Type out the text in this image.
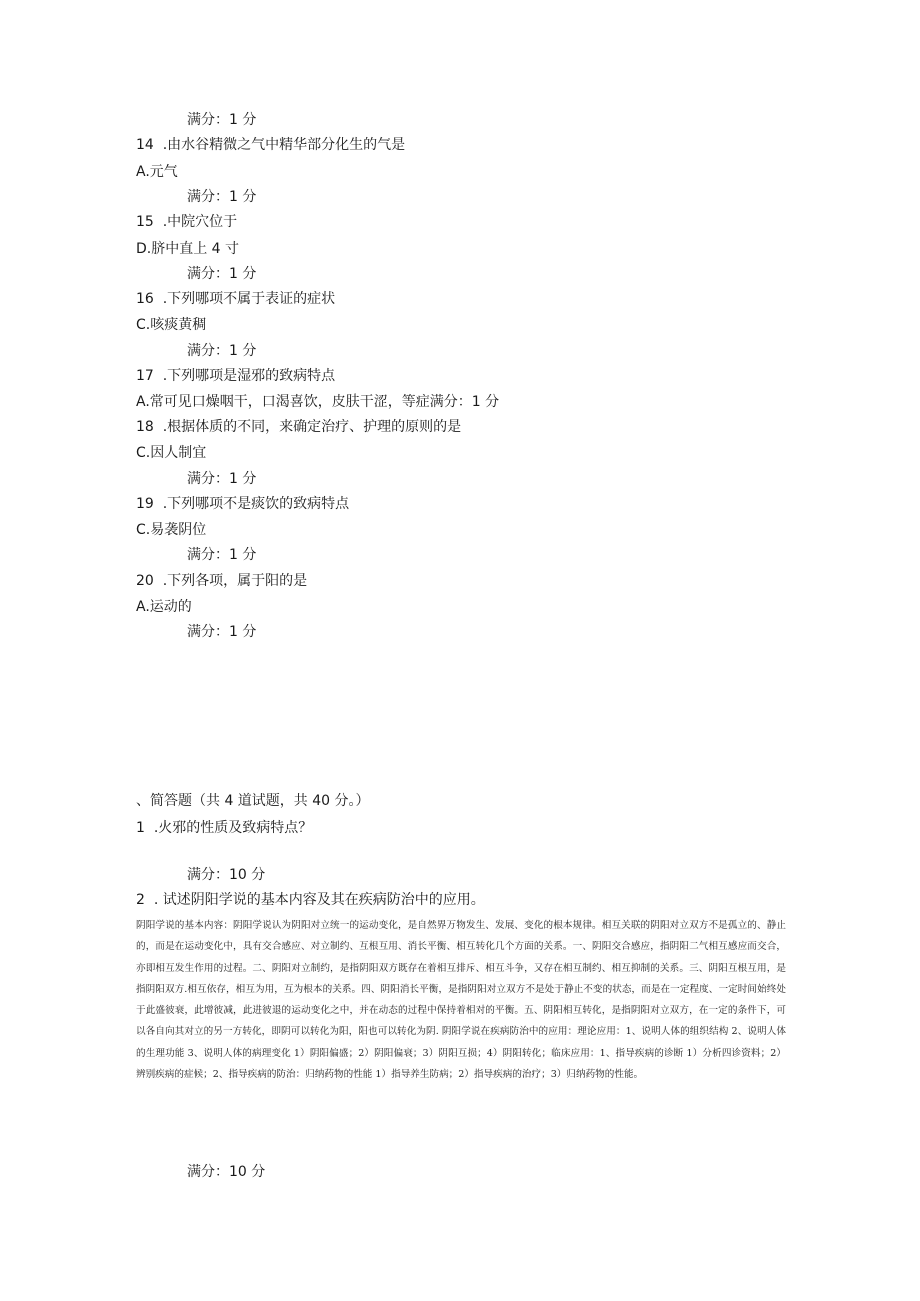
满分：1 分
14 .由水谷精微之气中精华部分化生的气是
A.元气
满分：1 分
15 .中院穴位于
D.脐中直上 4 寸
满分：1 分
16 .下列哪项不属于表证的症状
C.咳痰黄稠
满分：1 分
17 .下列哪项是湿邪的致病特点
A.常可见口燥咽干，口渴喜饮，皮肤干涩，等症满分：1 分
18 .根据体质的不同，来确定治疗、护理的原则的是
C.因人制宜
满分：1 分
19 .下列哪项不是痰饮的致病特点
C.易袭阴位
满分：1 分
20 .下列各项，属于阳的是
A.运动的
满分：1 分
、简答题（共 4 道试题，共 40 分。）
1 .火邪的性质及致病特点？
满分：10 分
2 . 试述阴阳学说的基本内容及其在疾病防治中的应用。
阴阳学说的基本内容：阴阳学说认为阴阳对立统一的运动变化，是自然界万物发生、发展、变化的根本规律。相互关联的阴阳对立双方不是孤立的、静止的，而是在运动变化中，具有交合感应、对立制约、互根互用、消长平衡、相互转化几个方面的关系。一、阴阳交合感应，指阴阳二气相互感应而交合，亦即相互发生作用的过程。二、阴阳对立制约，是指阴阳双方既存在着相互排斥、相互斗争，又存在相互制约、相互抑制的关系。三、阴阳互根互用，是指阴阳双方.相互依存，相互为用，互为根本的关系。四、阴阳消长平衡，是指阴阳对立双方不是处于静止不变的状态，而是在一定程度、一定时间始终处于此盛彼衰，此增彼减，此进彼退的运动变化之中，并在动态的过程中保持着相对的平衡。五、阴阳相互转化，是指阴阳对立双方，在一定的条件下，可以各自向其对立的另一方转化，即阴可以转化为阳，阳也可以转化为阴. 阴阳学说在疾病防治中的应用：理论应用：1、说明人体的组织结构 2、说明人体的生理功能 3、说明人体的病理变化 1）阴阳偏盛；2）阴阳偏衰；3）阴阳互损；4）阴阳转化；临床应用：1、指导疾病的诊断 1）分析四诊资料；2）辨别疾病的症候；2、指导疾病的防治：归纳药物的性能 1）指导养生防病；2）指导疾病的治疗；3）归纳药物的性能。
满分：10 分
